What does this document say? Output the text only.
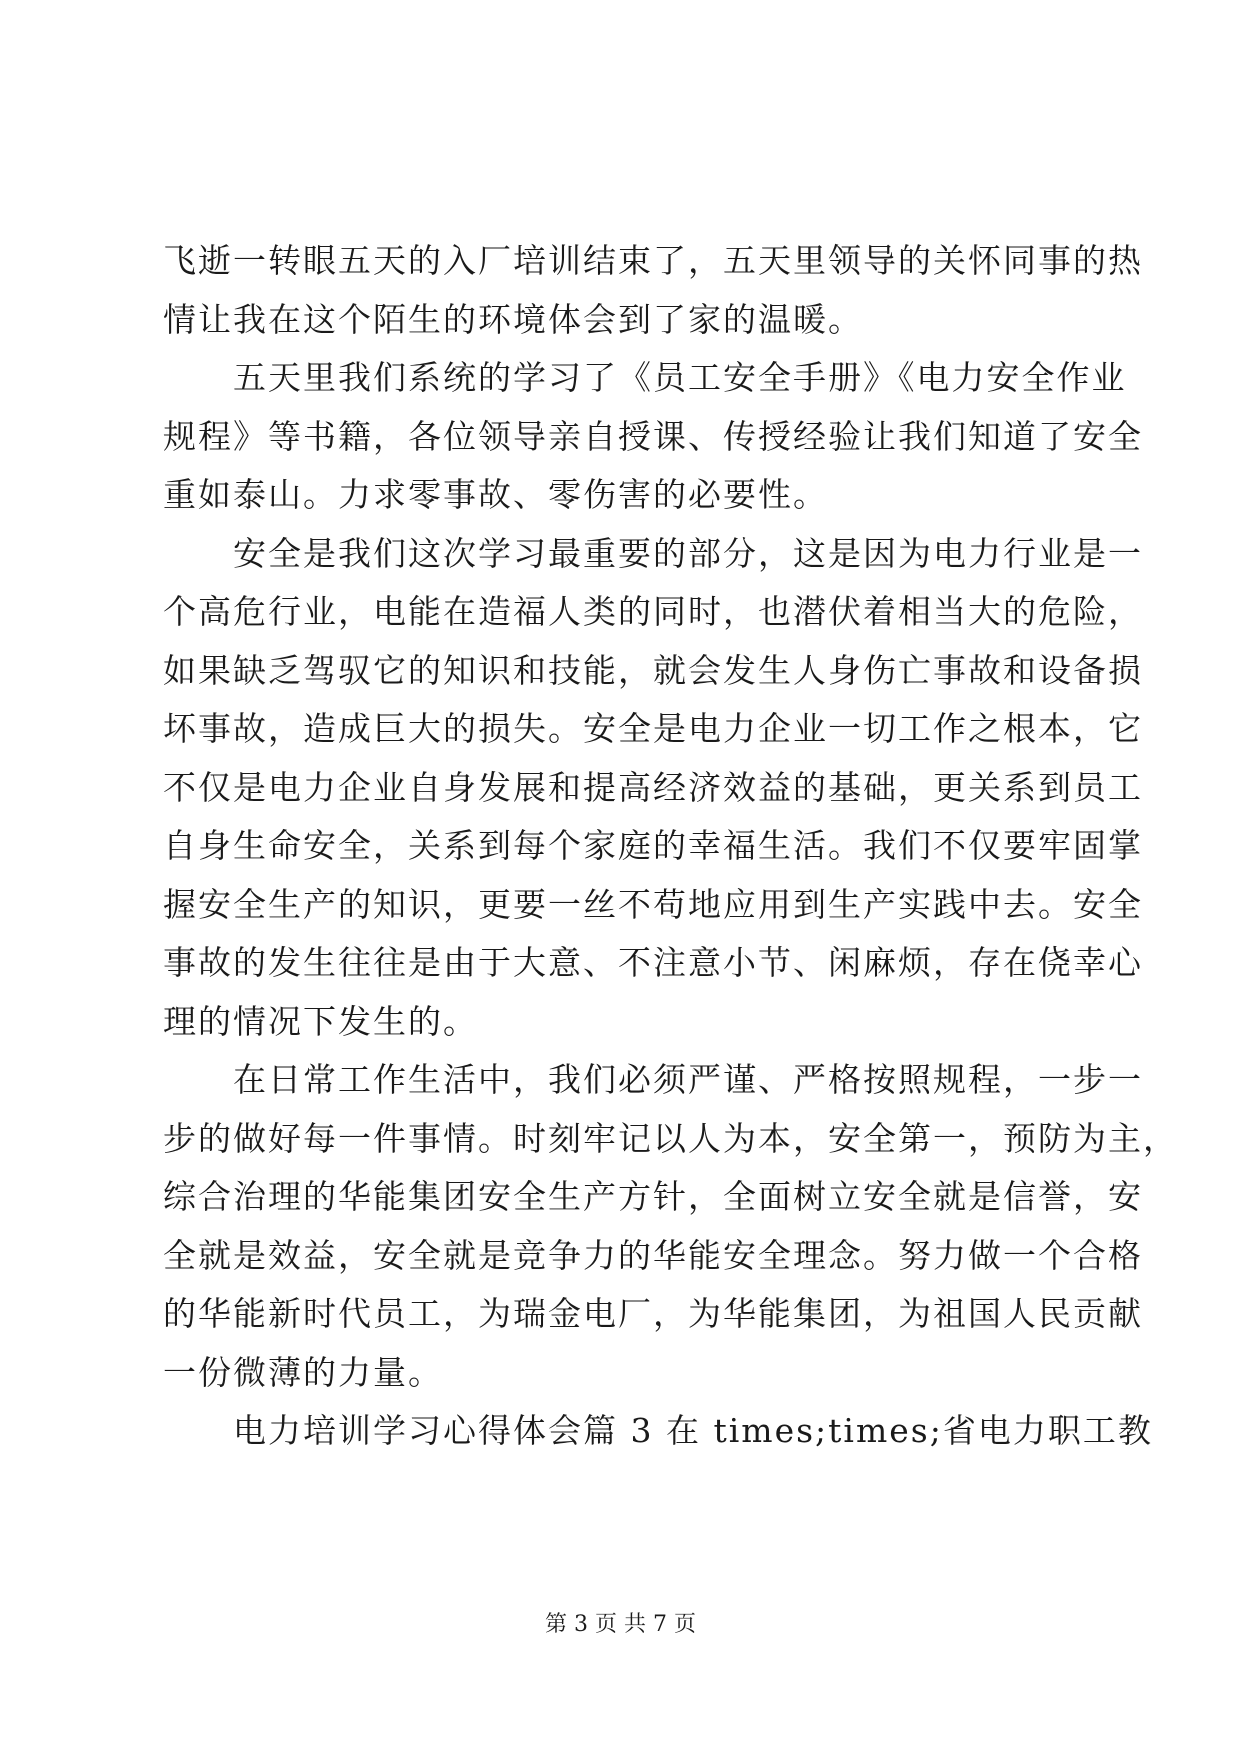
飞逝一转眼五天的入厂培训结束了，五天里领导的关怀同事的热
情让我在这个陌生的环境体会到了家的温暖。
五天里我们系统的学习了《员工安全手册》《电力安全作业
规程》等书籍，各位领导亲自授课、传授经验让我们知道了安全
重如泰山。力求零事故、零伤害的必要性。
安全是我们这次学习最重要的部分，这是因为电力行业是一
个高危行业，电能在造福人类的同时，也潜伏着相当大的危险，
如果缺乏驾驭它的知识和技能，就会发生人身伤亡事故和设备损
坏事故，造成巨大的损失。安全是电力企业一切工作之根本，它
不仅是电力企业自身发展和提高经济效益的基础，更关系到员工
自身生命安全，关系到每个家庭的幸福生活。我们不仅要牢固掌
握安全生产的知识，更要一丝不苟地应用到生产实践中去。安全
事故的发生往往是由于大意、不注意小节、闲麻烦，存在侥幸心
理的情况下发生的。
在日常工作生活中，我们必须严谨、严格按照规程，一步一
步的做好每一件事情。时刻牢记以人为本，安全第一，预防为主，
综合治理的华能集团安全生产方针，全面树立安全就是信誉，安
全就是效益，安全就是竞争力的华能安全理念。努力做一个合格
的华能新时代员工，为瑞金电厂，为华能集团，为祖国人民贡献
一份微薄的力量。
电力培训学习心得体会篇 3 在 times;times;省电力职工教
第 3 页 共 7 页
